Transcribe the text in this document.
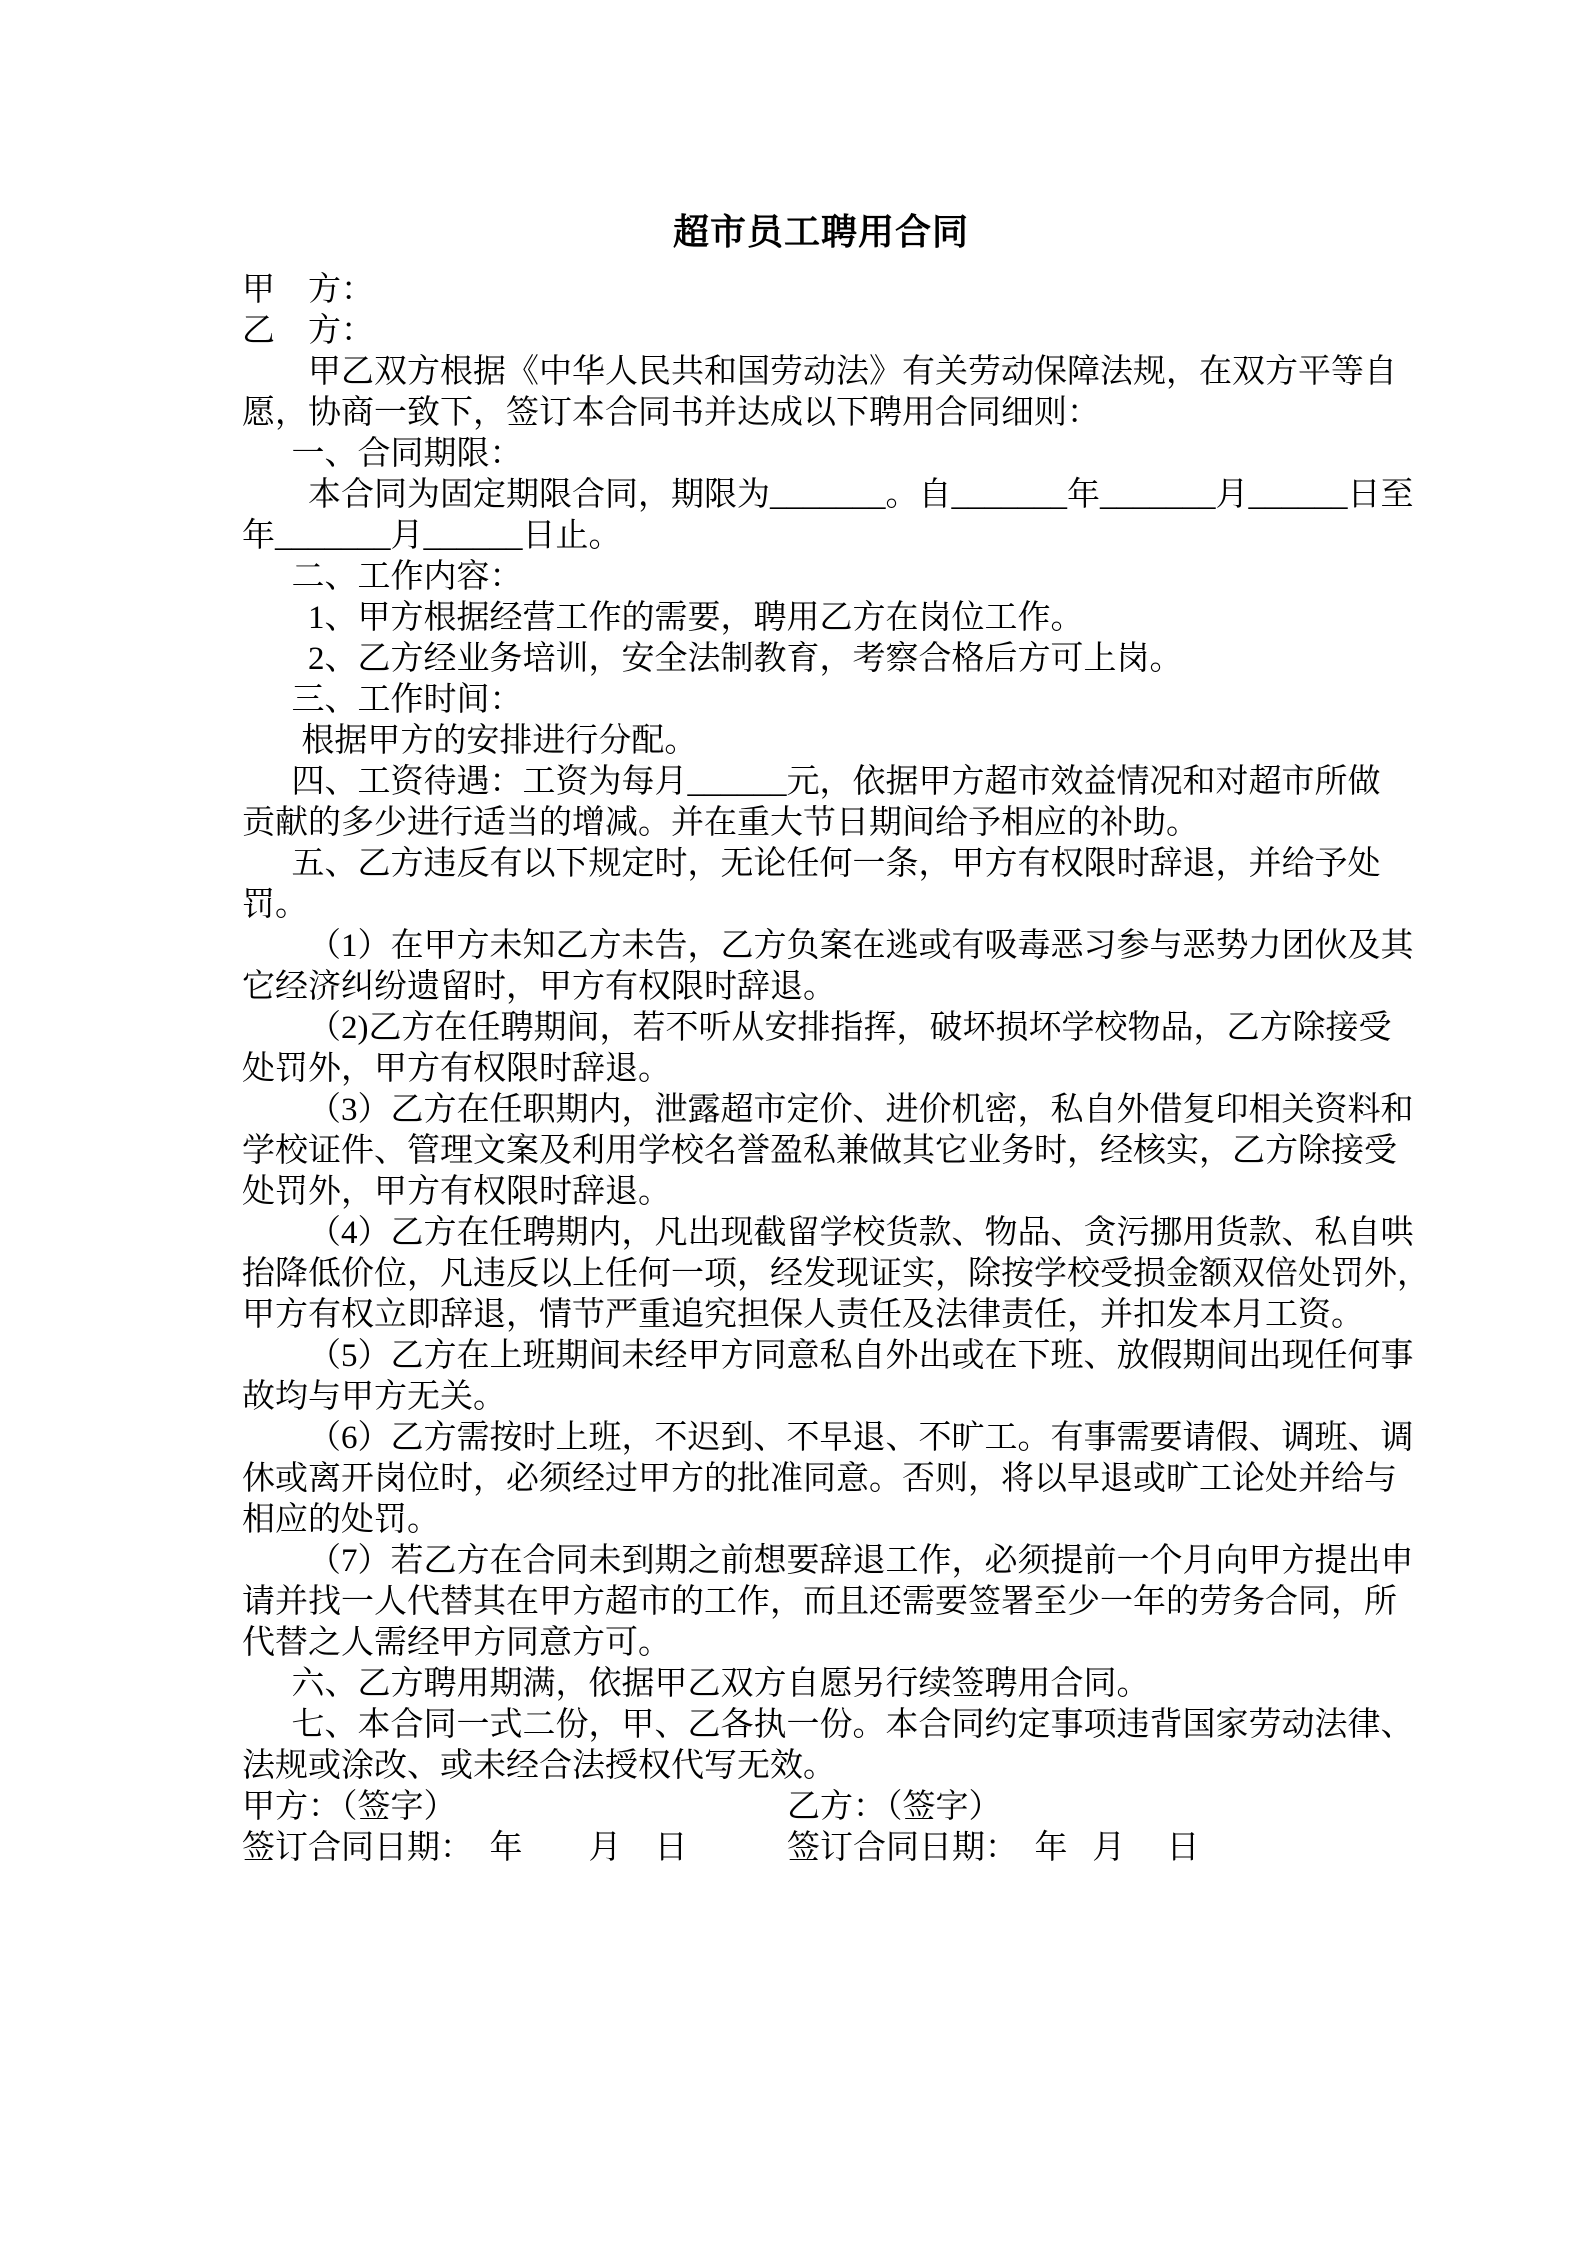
超市员工聘用合同
甲　方：
乙　方：
甲乙双方根据《中华人民共和国劳动法》有关劳动保障法规，在双方平等自
愿，协商一致下，签订本合同书并达成以下聘用合同细则：
一、合同期限：
本合同为固定期限合同，期限为_______。自_______年_______月______日至
年_______月______日止。
二、工作内容：
1、甲方根据经营工作的需要，聘用乙方在岗位工作。
2、乙方经业务培训，安全法制教育，考察合格后方可上岗。
三、工作时间：
根据甲方的安排进行分配。
四、工资待遇：工资为每月______元，依据甲方超市效益情况和对超市所做
贡献的多少进行适当的增减。并在重大节日期间给予相应的补助。
五、乙方违反有以下规定时，无论任何一条，甲方有权限时辞退，并给予处
罚。
（1）在甲方未知乙方未告，乙方负案在逃或有吸毒恶习参与恶势力团伙及其
它经济纠纷遗留时，甲方有权限时辞退。
（2)乙方在任聘期间，若不听从安排指挥，破坏损坏学校物品，乙方除接受
处罚外，甲方有权限时辞退。
（3）乙方在任职期内，泄露超市定价、进价机密，私自外借复印相关资料和
学校证件、管理文案及利用学校名誉盈私兼做其它业务时，经核实，乙方除接受
处罚外，甲方有权限时辞退。
（4）乙方在任聘期内，凡出现截留学校货款、物品、贪污挪用货款、私自哄
抬降低价位，凡违反以上任何一项，经发现证实，除按学校受损金额双倍处罚外，
甲方有权立即辞退，情节严重追究担保人责任及法律责任，并扣发本月工资。
（5）乙方在上班期间未经甲方同意私自外出或在下班、放假期间出现任何事
故均与甲方无关。
（6）乙方需按时上班，不迟到、不早退、不旷工。有事需要请假、调班、调
休或离开岗位时，必须经过甲方的批准同意。否则，将以早退或旷工论处并给与
相应的处罚。
（7）若乙方在合同未到期之前想要辞退工作，必须提前一个月向甲方提出申
请并找一人代替其在甲方超市的工作，而且还需要签署至少一年的劳务合同，所
代替之人需经甲方同意方可。
六、乙方聘用期满，依据甲乙双方自愿另行续签聘用合同。
七、本合同一式二份，甲、乙各执一份。本合同约定事项违背国家劳动法律、
法规或涂改、或未经合法授权代写无效。
甲方：（签字）	乙方：（签字）
签订合同日期：  年　　月　日	签订合同日期：  年   月　 日
